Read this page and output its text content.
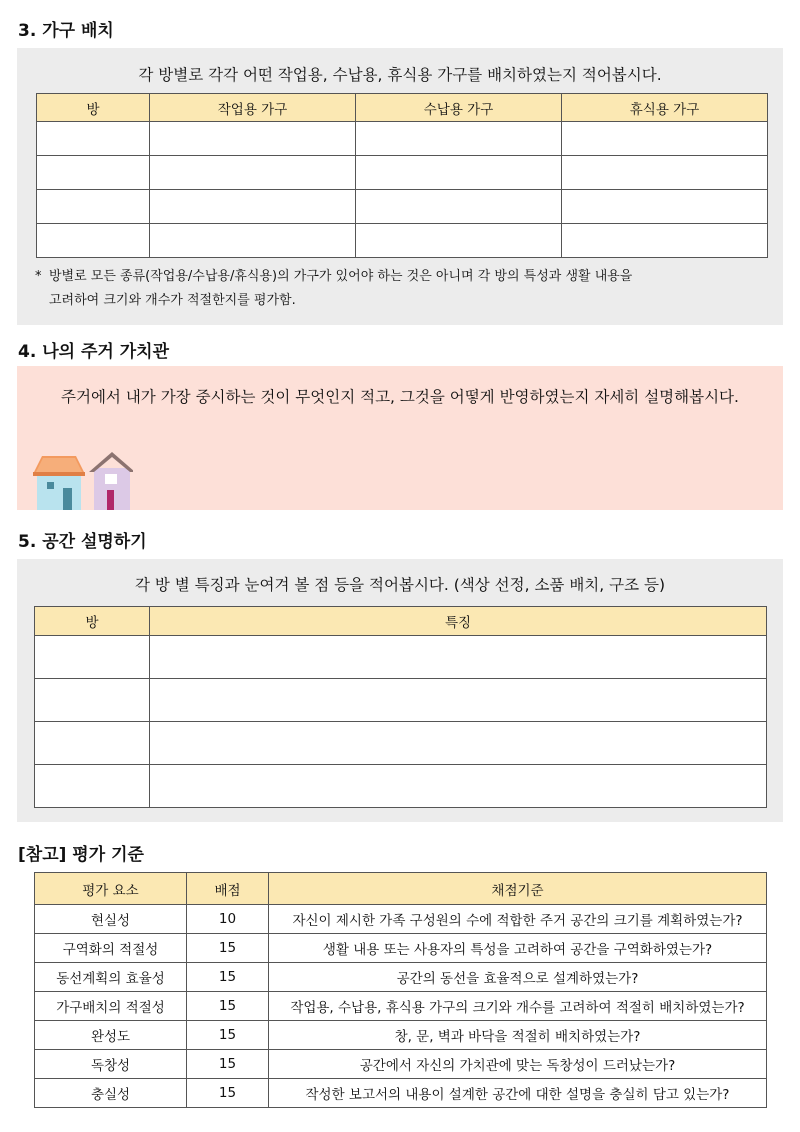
3. 가구 배치
각 방별로 각각 어떤 작업용, 수납용, 휴식용 가구를 배치하였는지 적어봅시다.
방	작업용 가구	수납용 가구	휴식용 가구

* 방별로 모든 종류(작업용/수납용/휴식용)의 가구가 있어야 하는 것은 아니며 각 방의 특성과 생활 내용을
고려하여 크기와 개수가 적절한지를 평가함.
4. 나의 주거 가치관
주거에서 내가 가장 중시하는 것이 무엇인지 적고, 그것을 어떻게 반영하였는지 자세히 설명해봅시다.
5. 공간 설명하기
각 방 별 특징과 눈여겨 볼 점 등을 적어봅시다. (색상 선정, 소품 배치, 구조 등)
방	특징

[참고] 평가 기준
평가 요소	배점	채점기준
현실성	10	자신이 제시한 가족 구성원의 수에 적합한 주거 공간의 크기를 계획하였는가?
구역화의 적절성	15	생활 내용 또는 사용자의 특성을 고려하여 공간을 구역화하였는가?
동선계획의 효율성	15	공간의 동선을 효율적으로 설계하였는가?
가구배치의 적절성	15	작업용, 수납용, 휴식용 가구의 크기와 개수를 고려하여 적절히 배치하였는가?
완성도	15	창, 문, 벽과 바닥을 적절히 배치하였는가?
독창성	15	공간에서 자신의 가치관에 맞는 독창성이 드러났는가?
충실성	15	작성한 보고서의 내용이 설계한 공간에 대한 설명을 충실히 담고 있는가?
